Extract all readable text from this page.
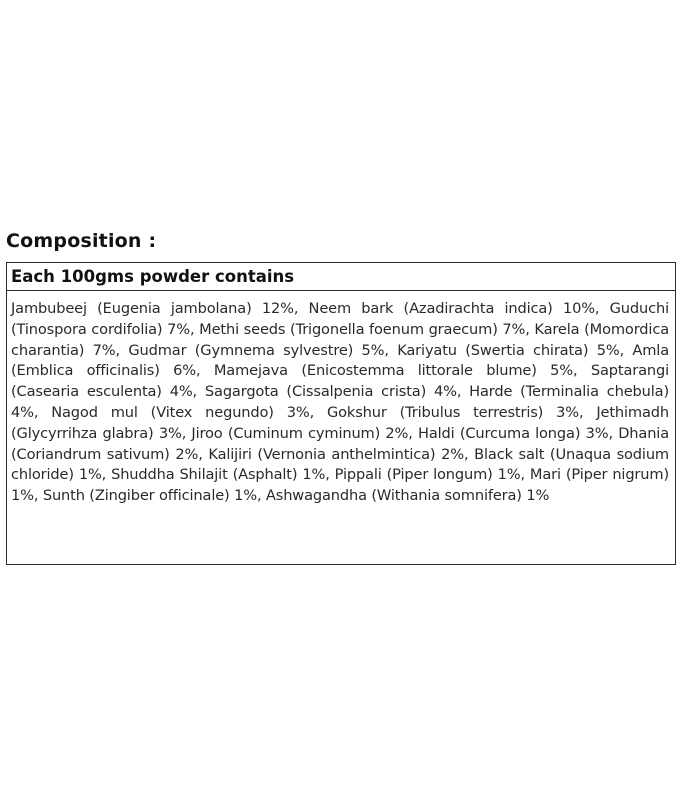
Composition :
Each 100gms powder contains
Jambubeej (Eugenia jambolana) 12%, Neem bark (Azadirachta indica) 10%, Guduchi (Tinospora cordifolia) 7%, Methi seeds (Trigonella foenum graecum) 7%, Karela (Momordica charantia) 7%, Gudmar (Gymnema sylvestre) 5%, Kariyatu (Swertia chirata) 5%, Amla (Emblica officinalis) 6%, Mamejava (Enicostemma littorale blume) 5%, Saptarangi (Casearia esculenta) 4%, Sagargota (Cissalpenia crista) 4%, Harde (Terminalia chebula) 4%, Nagod mul (Vitex negundo) 3%, Gokshur (Tribulus terrestris) 3%, Jethimadh (Glycyrrihza glabra) 3%, Jiroo (Cuminum cyminum) 2%, Haldi (Curcuma longa) 3%, Dhania (Coriandrum sativum) 2%, Kalijiri (Vernonia anthelmintica) 2%, Black salt (Unaqua sodium chloride) 1%, Shuddha Shilajit (Asphalt) 1%, Pippali (Piper longum) 1%, Mari (Piper nigrum) 1%, Sunth (Zingiber officinale) 1%, Ashwagandha (Withania somnifera) 1%
